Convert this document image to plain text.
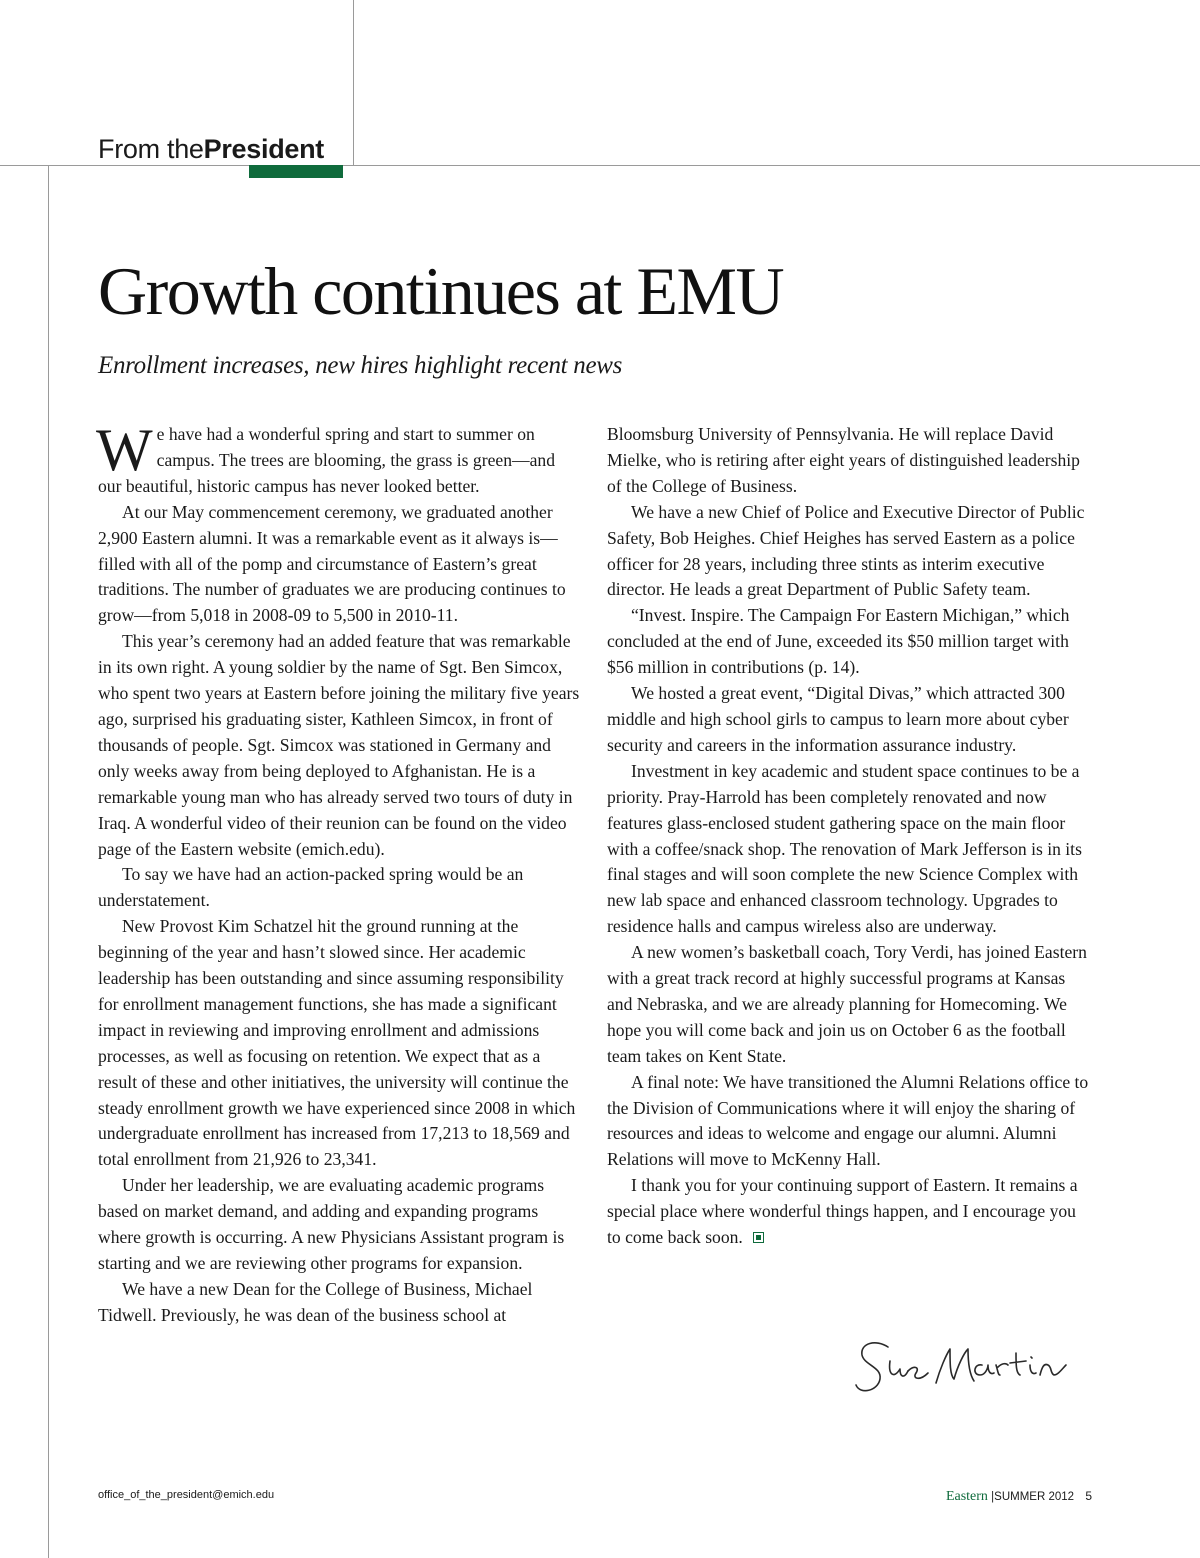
From thePresident
Growth continues at EMU
Enrollment increases, new hires highlight recent news

We have had a wonderful spring and start to summer on campus. The trees are blooming, the grass is green—and our beautiful, historic campus has never looked better.

At our May commencement ceremony, we graduated another 2,900 Eastern alumni. It was a remarkable event as it always is—filled with all of the pomp and circumstance of Eastern’s great traditions. The number of graduates we are producing continues to grow—from 5,018 in 2008-09 to 5,500 in 2010-11.

This year’s ceremony had an added feature that was remarkable in its own right. A young soldier by the name of Sgt. Ben Simcox, who spent two years at Eastern before joining the military five years ago, surprised his graduating sister, Kathleen Simcox, in front of thousands of people. Sgt. Simcox was stationed in Germany and only weeks away from being deployed to Afghanistan. He is a remarkable young man who has already served two tours of duty in Iraq. A wonderful video of their reunion can be found on the video page of the Eastern website (emich.edu).

To say we have had an action-packed spring would be an understatement.

New Provost Kim Schatzel hit the ground running at the beginning of the year and hasn’t slowed since. Her academic leadership has been outstanding and since assuming responsibility for enrollment management functions, she has made a significant impact in reviewing and improving enrollment and admissions processes, as well as focusing on retention. We expect that as a result of these and other initiatives, the university will continue the steady enrollment growth we have experienced since 2008 in which undergraduate enrollment has increased from 17,213 to 18,569 and total enrollment from 21,926 to 23,341.

Under her leadership, we are evaluating academic programs based on market demand, and adding and expanding programs where growth is occurring. A new Physicians Assistant program is starting and we are reviewing other programs for expansion.

We have a new Dean for the College of Business, Michael Tidwell. Previously, he was dean of the business school at

Bloomsburg University of Pennsylvania. He will replace David Mielke, who is retiring after eight years of distinguished leadership of the College of Business.

We have a new Chief of Police and Executive Director of Public Safety, Bob Heighes. Chief Heighes has served Eastern as a police officer for 28 years, including three stints as interim executive director. He leads a great Department of Public Safety team.

“Invest. Inspire. The Campaign For Eastern Michigan,” which concluded at the end of June, exceeded its $50 million target with $56 million in contributions (p. 14).

We hosted a great event, “Digital Divas,” which attracted 300 middle and high school girls to campus to learn more about cyber security and careers in the information assurance industry.

Investment in key academic and student space continues to be a priority. Pray-Harrold has been completely renovated and now features glass-enclosed student gathering space on the main floor with a coffee/snack shop. The renovation of Mark Jefferson is in its final stages and will soon complete the new Science Complex with new lab space and enhanced classroom technology. Upgrades to residence halls and campus wireless also are underway.

A new women’s basketball coach, Tory Verdi, has joined Eastern with a great track record at highly successful programs at Kansas and Nebraska, and we are already planning for Homecoming. We hope you will come back and join us on October 6 as the football team takes on Kent State.

A final note: We have transitioned the Alumni Relations office to the Division of Communications where it will enjoy the sharing of resources and ideas to welcome and engage our alumni. Alumni Relations will move to McKenny Hall.

I thank you for your continuing support of Eastern. It remains a special place where wonderful things happen, and I encourage you to come back soon.

office_of_the_president@emich.edu	Eastern |SUMMER 2012 5
